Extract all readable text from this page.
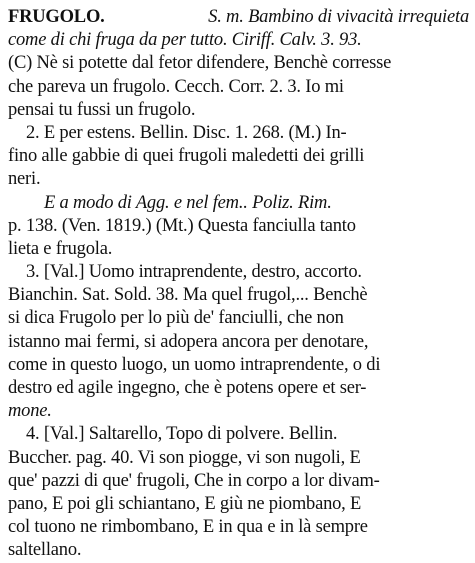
FRUGOLO.	S. m. Bambino di vivacità irrequieta
come di chi fruga da per tutto. Ciriff. Calv. 3. 93.
(C) Nè si potette dal fetor difendere, Benchè corresse
che pareva un frugolo. Cecch. Corr. 2. 3. Io mi
pensai tu fussi un frugolo.
2. E per estens. Bellin. Disc. 1. 268. (M.) In-
fino alle gabbie di quei frugoli maledetti dei grilli
neri.
E a modo di Agg. e nel fem.. Poliz. Rim.
p. 138. (Ven. 1819.) (Mt.) Questa fanciulla tanto
lieta e frugola.
3. [Val.] Uomo intraprendente, destro, accorto.
Bianchin. Sat. Sold. 38. Ma quel frugol,... Benchè
si dica Frugolo per lo più de' fanciulli, che non
istanno mai fermi, si adopera ancora per denotare,
come in questo luogo, un uomo intraprendente, o di
destro ed agile ingegno, che è potens opere et ser-
mone.
4. [Val.] Saltarello, Topo di polvere. Bellin.
Buccher. pag. 40. Vi son piogge, vi son nugoli, E
que' pazzi di que' frugoli, Che in corpo a lor divam-
pano, E poi gli schiantano, E giù ne piombano, E
col tuono ne rimbombano, E in qua e in là sempre
saltellano.
